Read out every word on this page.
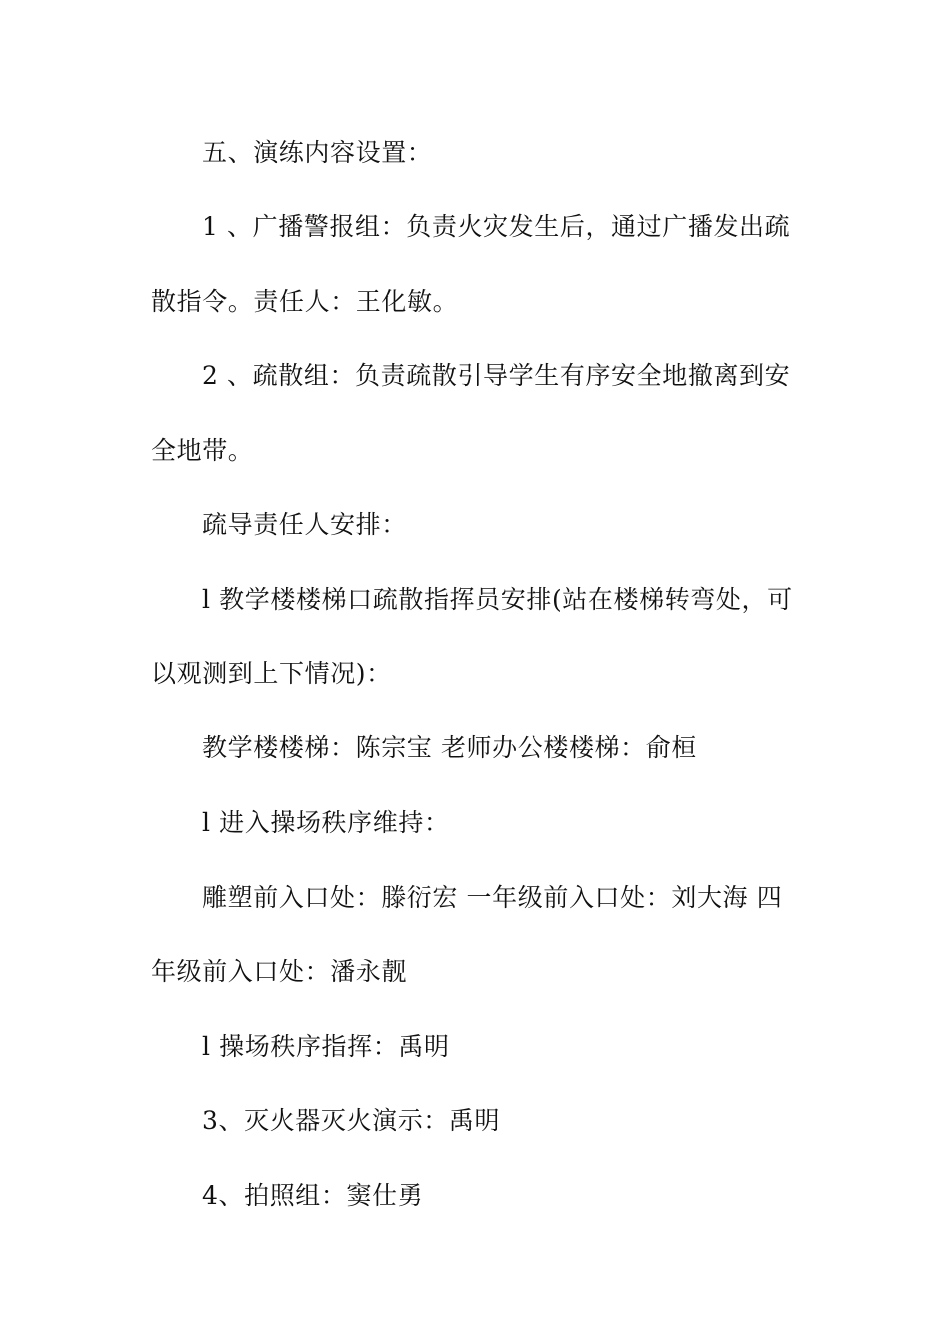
五、演练内容设置：

1 、广播警报组：负责火灾发生后，通过广播发出疏

散指令。责任人：王化敏。

2 、疏散组：负责疏散引导学生有序安全地撤离到安

全地带。

疏导责任人安排：

l 教学楼楼梯口疏散指挥员安排(站在楼梯转弯处，可

以观测到上下情况)：

教学楼楼梯：陈宗宝 老师办公楼楼梯：俞桓

l 进入操场秩序维持：

雕塑前入口处：滕衍宏 一年级前入口处：刘大海 四

年级前入口处：潘永靓

l 操场秩序指挥：禹明

3、灭火器灭火演示：禹明

4、拍照组：窦仕勇
